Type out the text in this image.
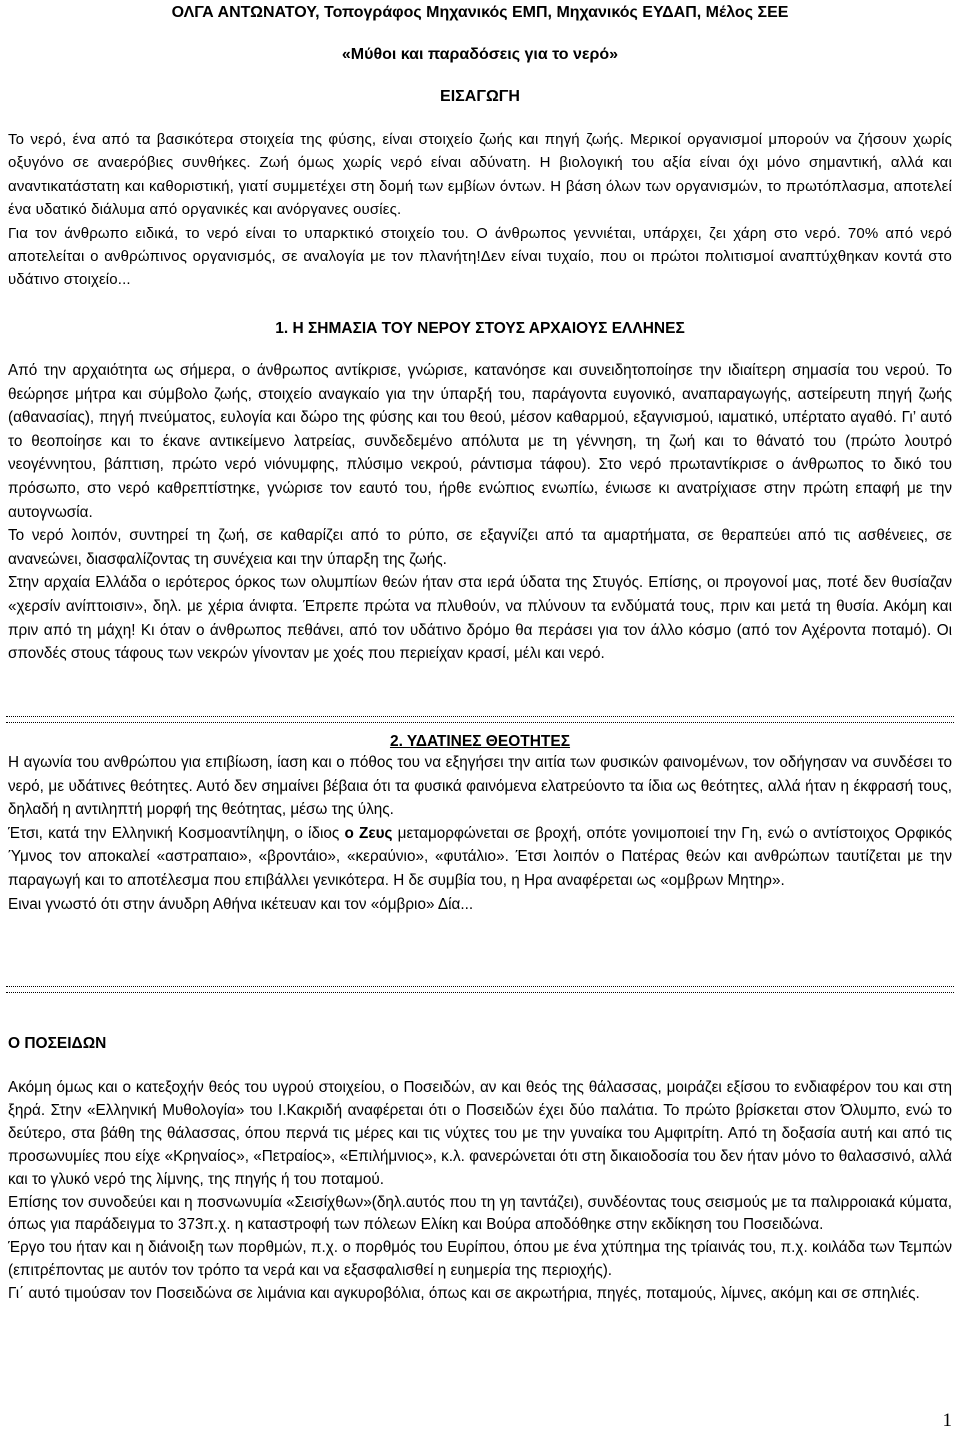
ΟΛΓΑ ΑΝΤΩΝΑΤΟΥ, Τοπογράφος Μηχανικός ΕΜΠ, Μηχανικός ΕΥΔΑΠ, Μέλος ΣΕΕ
«Μύθοι και παραδόσεις για το νερό»
ΕΙΣΑΓΩΓΗ

Το νερό, ένα από τα βασικότερα στοιχεία της φύσης, είναι στοιχείο ζωής και πηγή ζωής. Μερικοί οργανισμοί μπορούν να ζήσουν χωρίς οξυγόνο σε αναερόβιες συνθήκες. Ζωή όμως χωρίς νερό είναι αδύνατη. Η βιολογική του αξία είναι όχι μόνο σημαντική, αλλά και αναντικατάστατη και καθοριστική, γιατί συμμετέχει στη δομή των εμβίων όντων. Η βάση όλων των οργανισμών, το πρωτόπλασμα, αποτελεί ένα υδατικό διάλυμα από οργανικές και ανόργανες ουσίες.

Για τον άνθρωπο ειδικά, το νερό είναι το υπαρκτικό στοιχείο του. Ο άνθρωπος γεννιέται, υπάρχει, ζει χάρη στο νερό. 70% από νερό αποτελείται ο ανθρώπινος οργανισμός, σε αναλογία με τον πλανήτη!Δεν είναι τυχαίο, που οι πρώτοι πολιτισμοί αναπτύχθηκαν κοντά στο υδάτινο στοιχείο...

1. Η ΣΗΜΑΣΙΑ ΤΟΥ ΝΕΡΟΥ ΣΤΟΥΣ ΑΡΧΑΙΟΥΣ ΕΛΛΗΝΕΣ

Από την αρχαιότητα ως σήμερα, ο άνθρωπος αντίκρισε, γνώρισε, κατανόησε και συνειδητοποίησε την ιδιαίτερη σημασία του νερού. Το θεώρησε μήτρα και σύμβολο ζωής, στοιχείο αναγκαίο για την ύπαρξή του, παράγοντα ευγονικό, αναπαραγωγής, αστείρευτη πηγή ζωής (αθανασίας), πηγή πνεύματος, ευλογία και δώρο της φύσης και του θεού, μέσον καθαρμού, εξαγνισμού, ιαματικό, υπέρτατο αγαθό. Γι’ αυτό το θεοποίησε και το έκανε αντικείμενο λατρείας, συνδεδεμένο απόλυτα με τη γέννηση, τη ζωή και το θάνατό του (πρώτο λουτρό νεογέννητου, βάπτιση, πρώτο νερό νιόνυμφης, πλύσιμο νεκρού, ράντισμα τάφου). Στο νερό πρωταντίκρισε ο άνθρωπος το δικό του πρόσωπο, στο νερό καθρεπτίστηκε, γνώρισε τον εαυτό του, ήρθε ενώπιος ενωπίω, ένιωσε κι ανατρίχιασε στην πρώτη επαφή με την αυτογνωσία.

Το νερό λοιπόν, συντηρεί τη ζωή, σε καθαρίζει από το ρύπο, σε εξαγνίζει από τα αμαρτήματα, σε θεραπεύει από τις ασθένειες, σε ανανεώνει, διασφαλίζοντας τη συνέχεια και την ύπαρξη της ζωής.

Στην αρχαία Ελλάδα ο ιερότερος όρκος των ολυμπίων θεών ήταν στα ιερά ύδατα της Στυγός. Επίσης, οι προγονοί μας, ποτέ δεν θυσίαζαν «χερσίν ανίπτοισιν», δηλ. με χέρια άνιφτα. Έπρεπε πρώτα να πλυθούν, να πλύνουν τα ενδύματά τους, πριν και μετά τη θυσία. Ακόμη και πριν από τη μάχη! Κι όταν ο άνθρωπος πεθάνει, από τον υδάτινο δρόμο θα περάσει για τον άλλο κόσμο (από τον Αχέροντα ποταμό). Οι σπονδές στους τάφους των νεκρών γίνονταν με χοές που περιείχαν κρασί, μέλι και νερό.

2. ΥΔΑΤΙΝΕΣ ΘΕΟΤΗΤΕΣ

Η αγωνία του ανθρώπου για επιβίωση, ίαση και ο πόθος του να εξηγήσει την αιτία των φυσικών φαινομένων, τον οδήγησαν να συνδέσει το νερό, με υδάτινες θεότητες. Αυτό δεν σημαίνει βέβαια ότι τα φυσικά φαινόμενα ελατρεύοντο τα ίδια ως θεότητες, αλλά ήταν η έκφρασή τους, δηλαδή η αντιληπτή μορφή της θεότητας, μέσω της ύλης.

Έτσι, κατά την Ελληνική Κοσμοαντίληψη, ο ίδιος ο Ζευς μεταμορφώνεται σε βροχή, οπότε γονιμοποιεί την Γη, ενώ ο αντίστοιχος Ορφικός Ύμνος τον αποκαλεί «ασтραπαιο», «βροντάιο», «κεραύνιο», «φυτάλιο». Έτσι λοιπόν ο Πατέρας θεών και ανθρώπων ταυτίζεται με την παραγωγή και το αποτέλεσμα που επιβάλλει γενικότερα. Η δε συμβία του, η Ηρα αναφέρεται ως «ομβρων Μητηρ».

Εινaι γνωστό ότι στην άνυδρη Αθήνα ικέτευαν και τον «όμβριο» Δία...

Ο ΠΟΣΕΙΔΩΝ

Ακόμη όμως και ο κατεξοχήν θεός του υγρού στοιχείου, ο Ποσειδών, αν και θεός της θάλασσας, μοιράζει εξίσου το ενδιαφέρον του και στη ξηρά. Στην «Ελληνική Μυθολογία» του Ι.Κακριδή αναφέρεται ότι ο Ποσειδών έχει δύο παλάτια. Το πρώτο βρίσκεται στον Όλυμπο, ενώ το δεύτερο, στα βάθη της θάλασσας, όπου περνά τις μέρες και τις νύχτες του με την γυναίκα του Αμφιτρίτη. Από τη δοξασία αυτή και από τις προσωνυμίες που είχε «Κρηναίος», «Πετραίος», «Επιλήμνιος», κ.λ. φανερώνεται ότι στη δικαιοδοσία του δεν ήταν μόνο το θαλασσινό, αλλά και το γλυκό νερό της λίμνης, της πηγής ή του ποταμού.

Επίσης τον συνοδεύει και η ποσνωνυμία «Σεισίχθων»(δηλ.αυτός που τη γη ταντάζει), συνδέοντας τους σεισμούς με τα παλιρροιακά κύματα, όπως για παράδειγμα το 373π.χ. η καταστροφή των πόλεων Ελίκη και Βούρα αποδόθηκε στην εκδίκηση του Ποσειδώνα.

Έργο του ήταν και η διάνοιξη των πορθμών, π.χ. ο πορθμός του Ευρίπου, όπου με ένα χτύπημα της τρίαινάς του, π.χ. κοιλάδα των Τεμπών (επιτρέποντας με αυτόν τον τρόπο τα νερά και να εξασφαλισθεί η ευημερία της περιοχής).

Γι΄ αυτό τιμούσαν τον Ποσειδώνα σε λιμάνια και αγκυροβόλια, όπως και σε ακρωτήρια, πηγές, ποταμούς, λίμνες, ακόμη και σε σπηλιές.

1
